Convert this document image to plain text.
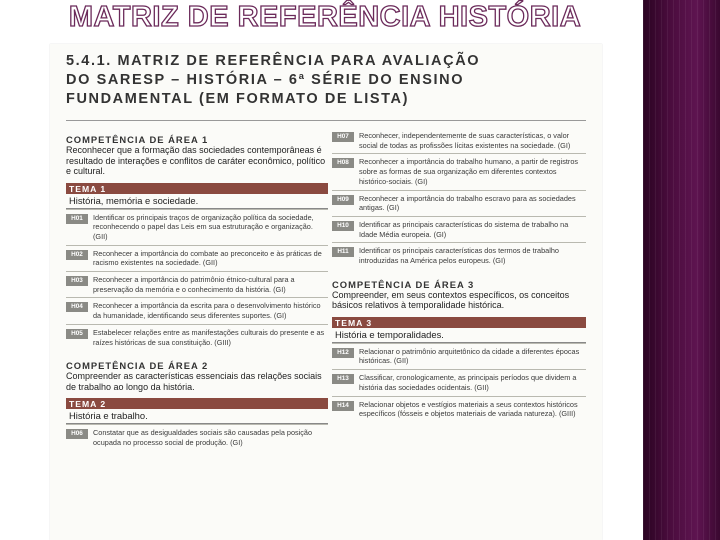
MATRIZ DE REFERÊNCIA HISTÓRIA
5.4.1. MATRIZ DE REFERÊNCIA PARA AVALIAÇÃO
DO SARESP – HISTÓRIA – 6ª SÉRIE DO ENSINO
FUNDAMENTAL (EM FORMATO DE LISTA)
COMPETÊNCIA DE ÁREA 1
Reconhecer que a formação das sociedades contemporâneas é resultado de interações e conflitos de caráter econômico, político e cultural.
TEMA 1
História, memória e sociedade.
H01	Identificar os principais traços de organização política da sociedade, reconhecendo o papel das Leis em sua estruturação e organização. (GII)
H02	Reconhecer a importância do combate ao preconceito e às práticas de racismo existentes na sociedade. (GII)
H03	Reconhecer a importância do patrimônio étnico-cultural para a preservação da memória e o conhecimento da história. (GI)
H04	Reconhecer a importância da escrita para o desenvolvimento histórico da humanidade, identificando seus diferentes suportes. (GI)
H05	Estabelecer relações entre as manifestações culturais do presente e as raízes históricas de sua constituição. (GIII)
COMPETÊNCIA DE ÁREA 2
Compreender as características essenciais das relações sociais de trabalho ao longo da história.
TEMA 2
História e trabalho.
H06	Constatar que as desigualdades sociais são causadas pela posição ocupada no processo social de produção. (GI)
H07	Reconhecer, independentemente de suas características, o valor social de todas as profissões lícitas existentes na sociedade. (GI)
H08	Reconhecer a importância do trabalho humano, a partir de registros sobre as formas de sua organização em diferentes contextos histórico-sociais. (GI)
H09	Reconhecer a importância do trabalho escravo para as sociedades antigas. (GI)
H10	Identificar as principais características do sistema de trabalho na Idade Média europeia. (GI)
H11	Identificar os principais características dos termos de trabalho introduzidas na América pelos europeus. (GI)
COMPETÊNCIA DE ÁREA 3
Compreender, em seus contextos específicos, os conceitos básicos relativos à temporalidade histórica.
TEMA 3
História e temporalidades.
H12	Relacionar o patrimônio arquitetônico da cidade a diferentes épocas históricas. (GII)
H13	Classificar, cronologicamente, as principais períodos que dividem a história das sociedades ocidentais. (GII)
H14	Relacionar objetos e vestígios materiais a seus contextos históricos específicos (fósseis e objetos materiais de variada natureza). (GIII)
